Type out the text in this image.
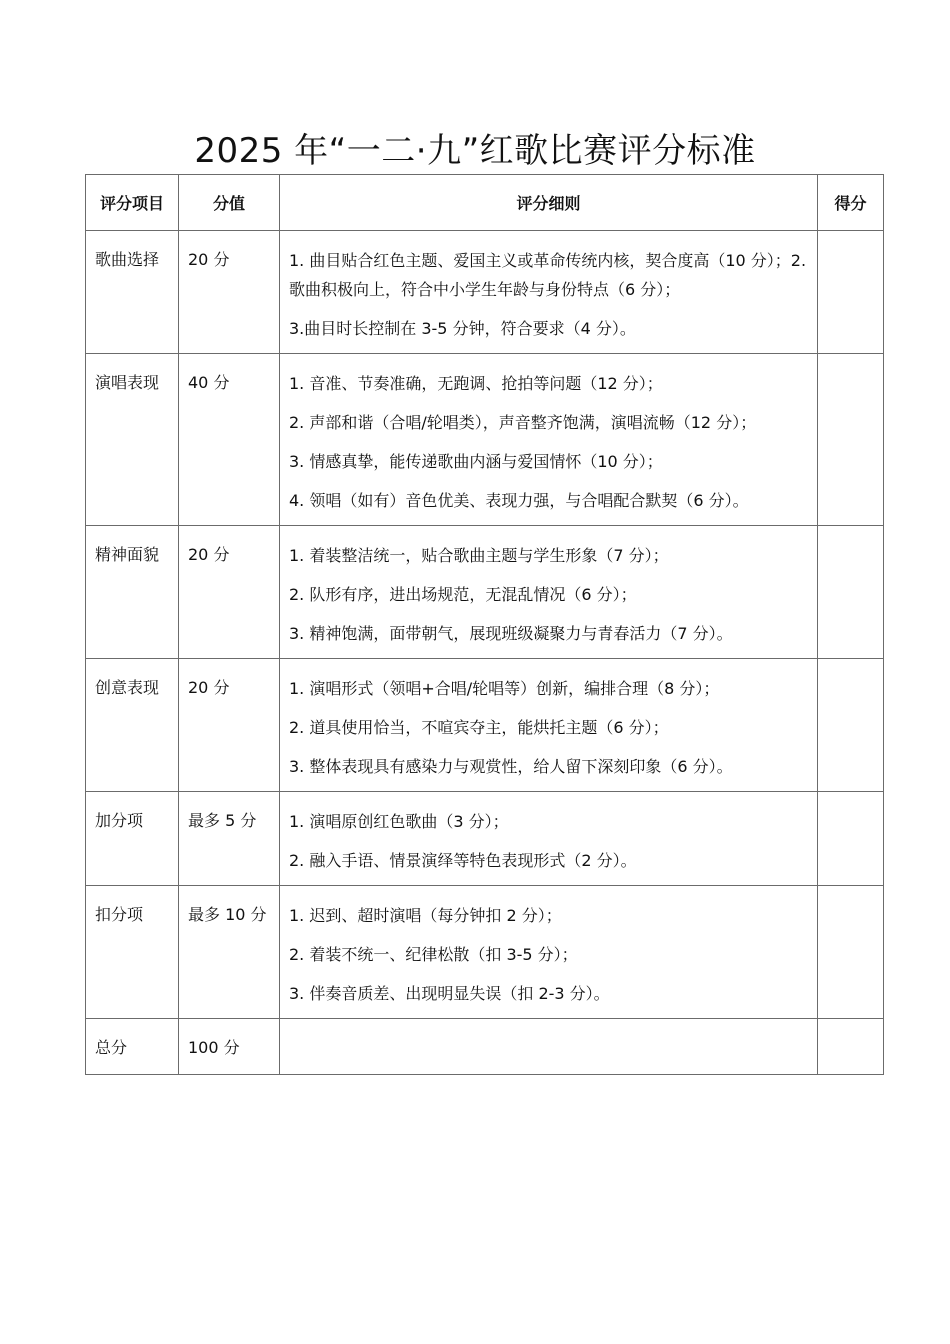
2025 年“一二·九”红歌比赛评分标准
评分项目	分值	评分细则	得分

歌曲选择	20 分	1. 曲目贴合红色主题、爱国主义或革命传统内核，契合度高（10 分）；2.歌曲积极向上，符合中小学生年龄与身份特点（6 分）；
3.曲目时长控制在 3-5 分钟，符合要求（4 分）。	

演唱表现	40 分	1. 音准、节奏准确，无跑调、抢拍等问题（12 分）；
2. 声部和谐（合唱/轮唱类），声音整齐饱满，演唱流畅（12 分）；
3. 情感真挚，能传递歌曲内涵与爱国情怀（10 分）；
4. 领唱（如有）音色优美、表现力强，与合唱配合默契（6 分）。	

精神面貌	20 分	1. 着装整洁统一，贴合歌曲主题与学生形象（7 分）；
2. 队形有序，进出场规范，无混乱情况（6 分）；
3. 精神饱满，面带朝气，展现班级凝聚力与青春活力（7 分）。	

创意表现	20 分	1. 演唱形式（领唱+合唱/轮唱等）创新，编排合理（8 分）；
2. 道具使用恰当，不喧宾夺主，能烘托主题（6 分）；
3. 整体表现具有感染力与观赏性，给人留下深刻印象（6 分）。	

加分项	最多 5 分	1. 演唱原创红色歌曲（3 分）；
2. 融入手语、情景演绎等特色表现形式（2 分）。	

扣分项	最多 10 分	1. 迟到、超时演唱（每分钟扣 2 分）；
2. 着装不统一、纪律松散（扣 3-5 分）；
3. 伴奏音质差、出现明显失误（扣 2-3 分）。	

总分	100 分		
